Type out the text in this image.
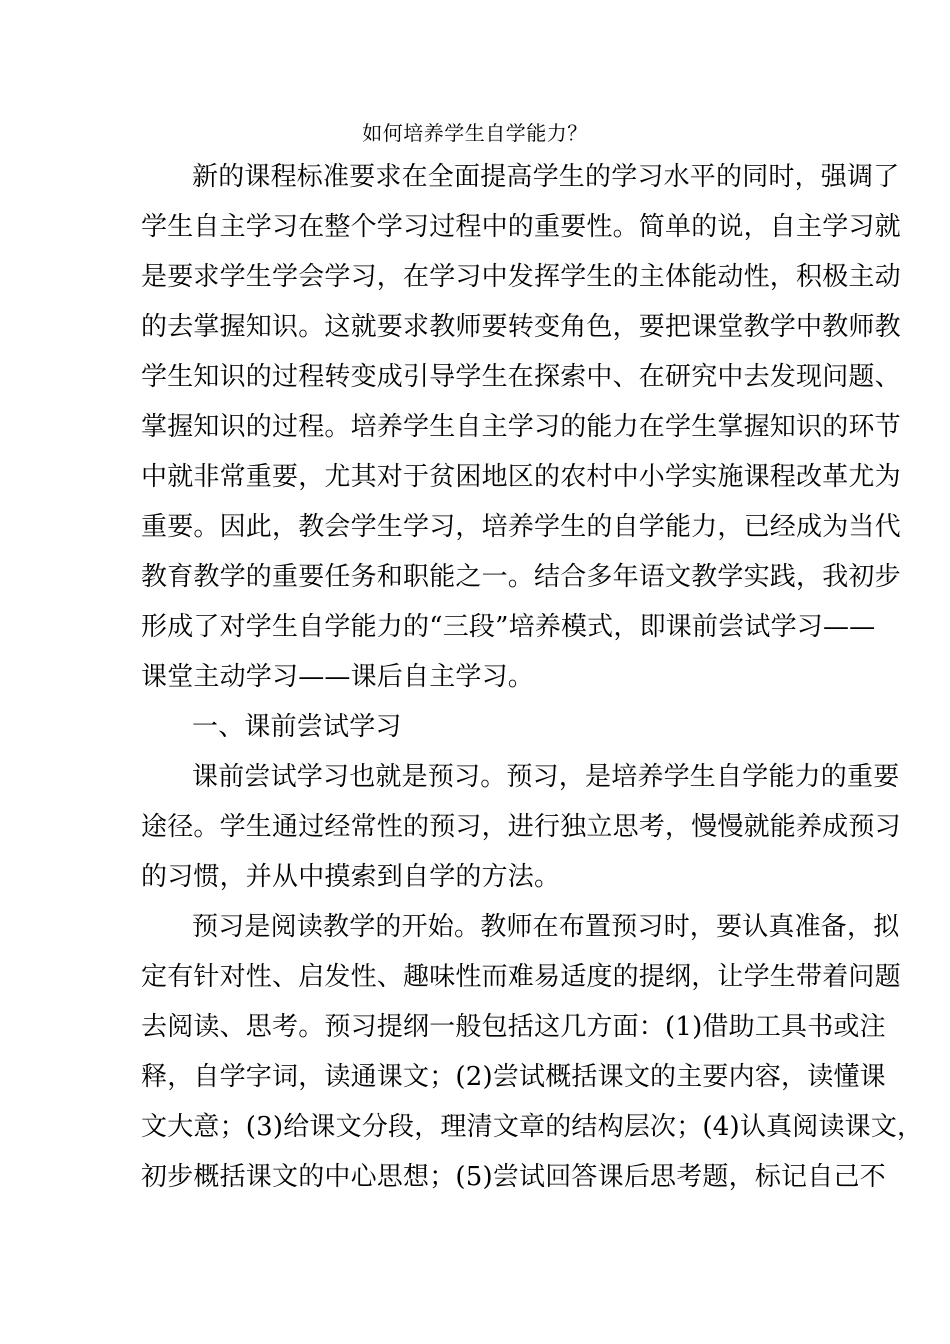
如何培养学生自学能力？
新的课程标准要求在全面提高学生的学习水平的同时，强调了
学生自主学习在整个学习过程中的重要性。简单的说，自主学习就
是要求学生学会学习，在学习中发挥学生的主体能动性，积极主动
的去掌握知识。这就要求教师要转变角色，要把课堂教学中教师教
学生知识的过程转变成引导学生在探索中、在研究中去发现问题、
掌握知识的过程。培养学生自主学习的能力在学生掌握知识的环节
中就非常重要，尤其对于贫困地区的农村中小学实施课程改革尤为
重要。因此，教会学生学习，培养学生的自学能力，已经成为当代
教育教学的重要任务和职能之一。结合多年语文教学实践，我初步
形成了对学生自学能力的“三段”培养模式，即课前尝试学习——
课堂主动学习——课后自主学习。
一、课前尝试学习
课前尝试学习也就是预习。预习，是培养学生自学能力的重要
途径。学生通过经常性的预习，进行独立思考，慢慢就能养成预习
的习惯，并从中摸索到自学的方法。
预习是阅读教学的开始。教师在布置预习时，要认真准备，拟
定有针对性、启发性、趣味性而难易适度的提纲，让学生带着问题
去阅读、思考。预习提纲一般包括这几方面：(1)借助工具书或注
释，自学字词，读通课文；(2)尝试概括课文的主要内容，读懂课
文大意；(3)给课文分段，理清文章的结构层次；(4)认真阅读课文，
初步概括课文的中心思想；(5)尝试回答课后思考题，标记自己不
